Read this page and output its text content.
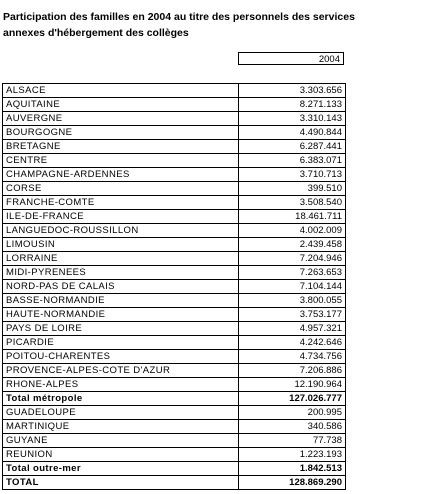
Participation des familles en 2004 au titre des personnels des services
annexes d'hébergement des collèges
2004
ALSACE	3.303.656
AQUITAINE	8.271.133
AUVERGNE	3.310.143
BOURGOGNE	4.490.844
BRETAGNE	6.287.441
CENTRE	6.383.071
CHAMPAGNE-ARDENNES	3.710.713
CORSE	399.510
FRANCHE-COMTE	3.508.540
ILE-DE-FRANCE	18.461.711
LANGUEDOC-ROUSSILLON	4.002.009
LIMOUSIN	2.439.458
LORRAINE	7.204.946
MIDI-PYRENEES	7.263.653
NORD-PAS DE CALAIS	7.104.144
BASSE-NORMANDIE	3.800.055
HAUTE-NORMANDIE	3.753.177
PAYS DE LOIRE	4.957.321
PICARDIE	4.242.646
POITOU-CHARENTES	4.734.756
PROVENCE-ALPES-COTE D'AZUR	7.206.886
RHONE-ALPES	12.190.964
Total métropole	127.026.777
GUADELOUPE	200.995
MARTINIQUE	340.586
GUYANE	77.738
REUNION	1.223.193
Total outre-mer	1.842.513
TOTAL	128.869.290
